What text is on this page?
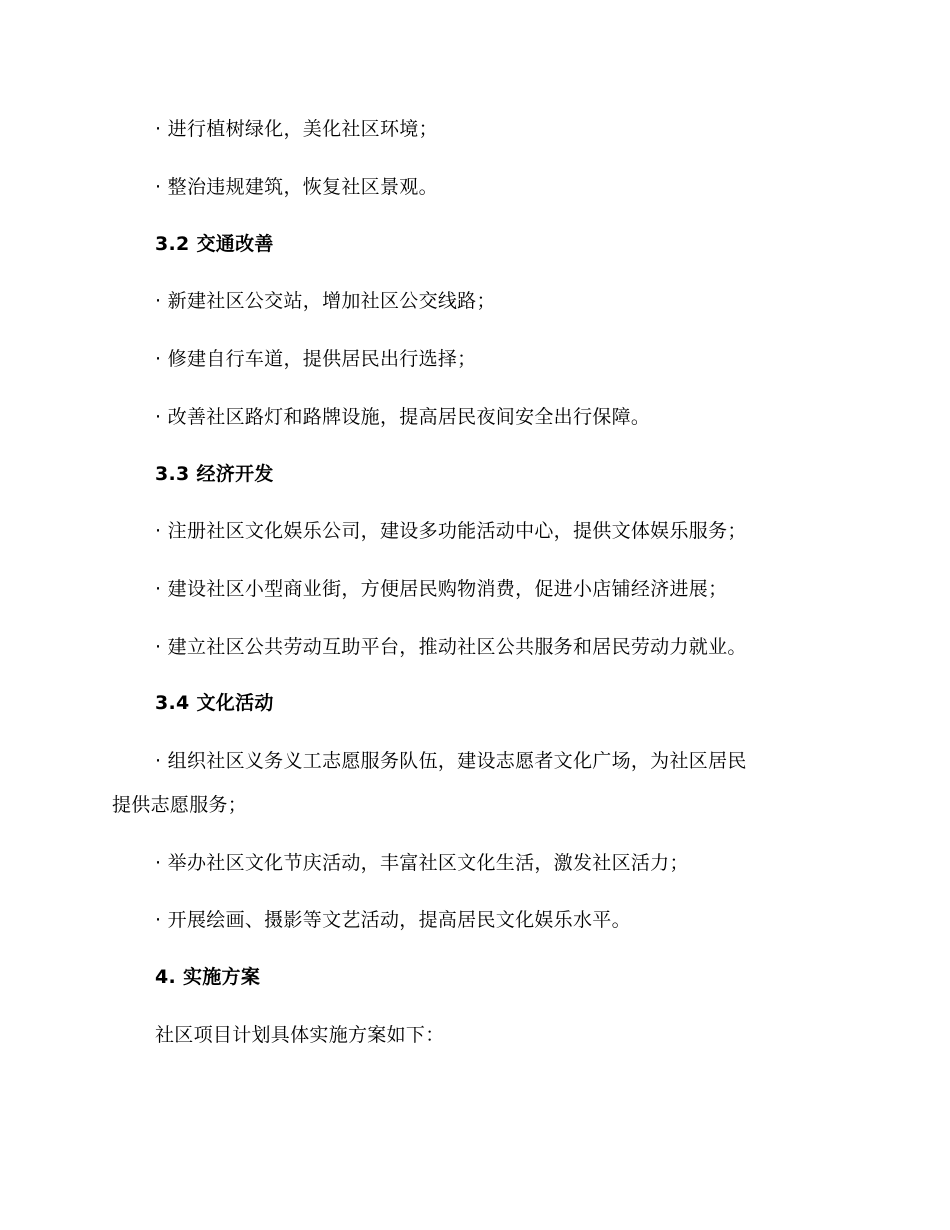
· 进行植树绿化，美化社区环境；
· 整治违规建筑，恢复社区景观。
3.2 交通改善
· 新建社区公交站，增加社区公交线路；
· 修建自行车道，提供居民出行选择；
· 改善社区路灯和路牌设施，提高居民夜间安全出行保障。
3.3 经济开发
· 注册社区文化娱乐公司，建设多功能活动中心，提供文体娱乐服务；
· 建设社区小型商业街，方便居民购物消费，促进小店铺经济进展；
· 建立社区公共劳动互助平台，推动社区公共服务和居民劳动力就业。
3.4 文化活动
· 组织社区义务义工志愿服务队伍，建设志愿者文化广场，为社区居民
提供志愿服务；
· 举办社区文化节庆活动，丰富社区文化生活，激发社区活力；
· 开展绘画、摄影等文艺活动，提高居民文化娱乐水平。
4. 实施方案
社区项目计划具体实施方案如下：
